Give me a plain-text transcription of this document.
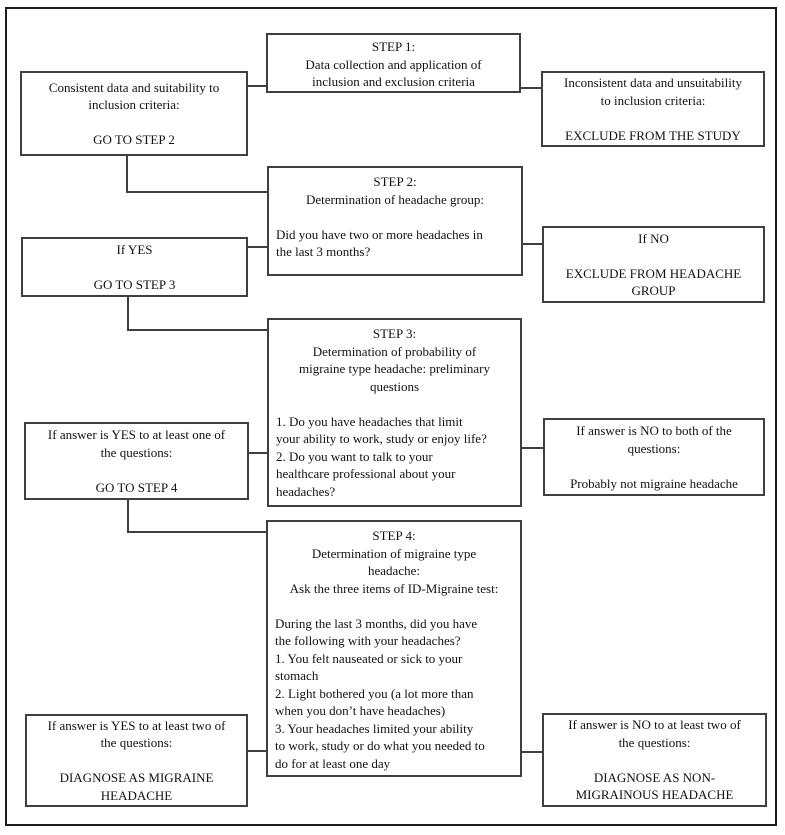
STEP 1:
Data collection and application of
inclusion and exclusion criteria
STEP 2:
Determination of headache group:
Did you have two or more headaches in
the last 3 months?
STEP 3:
Determination of probability of
migraine type headache: preliminary
questions
1. Do you have headaches that limit
your ability to work, study or enjoy life?
2. Do you want to talk to your
healthcare professional about your
headaches?
STEP 4:
Determination of migraine type
headache:
Ask the three items of ID-Migraine test:
During the last 3 months, did you have
the following with your headaches?
1. You felt nauseated or sick to your
stomach
2. Light bothered you (a lot more than
when you don’t have headaches)
3. Your headaches limited your ability
to work, study or do what you needed to
do for at least one day
Consistent data and suitability to
inclusion criteria:
GO TO STEP 2
If YES
GO TO STEP 3
If answer is YES to at least one of
the questions:
GO TO STEP 4
If answer is YES to at least two of
the questions:
DIAGNOSE AS MIGRAINE
HEADACHE
Inconsistent data and unsuitability
to inclusion criteria:
EXCLUDE FROM THE STUDY
If NO
EXCLUDE FROM HEADACHE
GROUP
If answer is NO to both of the
questions:
Probably not migraine headache
If answer is NO to at least two of
the questions:
DIAGNOSE AS NON-
MIGRAINOUS HEADACHE
